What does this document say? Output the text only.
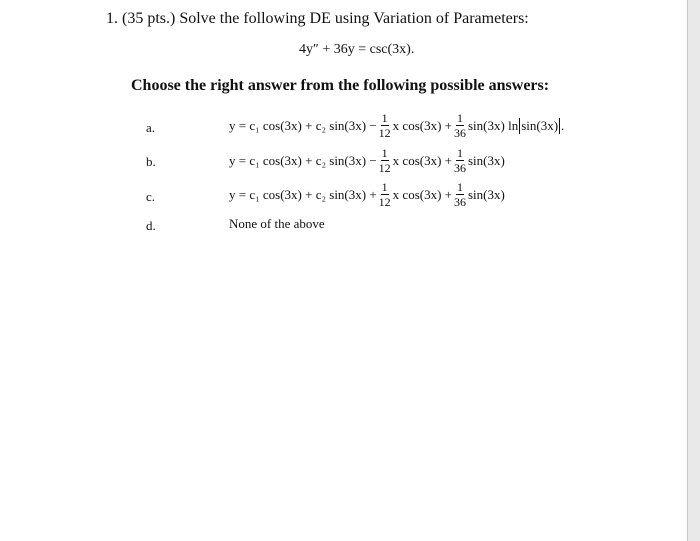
1. (35 pts.) Solve the following DE using Variation of Parameters:
4y″ + 36y = csc(3x).
Choose the right answer from the following possible answers:
a.	y = c₁ cos(3x) + c₂ $\sin(3x) - \frac{1}{12}$ x $\cos(3x) + \frac{1}{36} \sin(3x)$ ln sin(3x) .
b.	y = c₁ cos(3x) + c₂ $\sin(3x) - \frac{1}{12}$ x $\cos(3x) + \frac{1}{36} \sin(3x)$
c.	y = c₁ cos(3x) + c₂ $\sin(3x) + \frac{1}{12}$ x $\cos(3x) + \frac{1}{36} \sin(3x)$
d.	None of the above
